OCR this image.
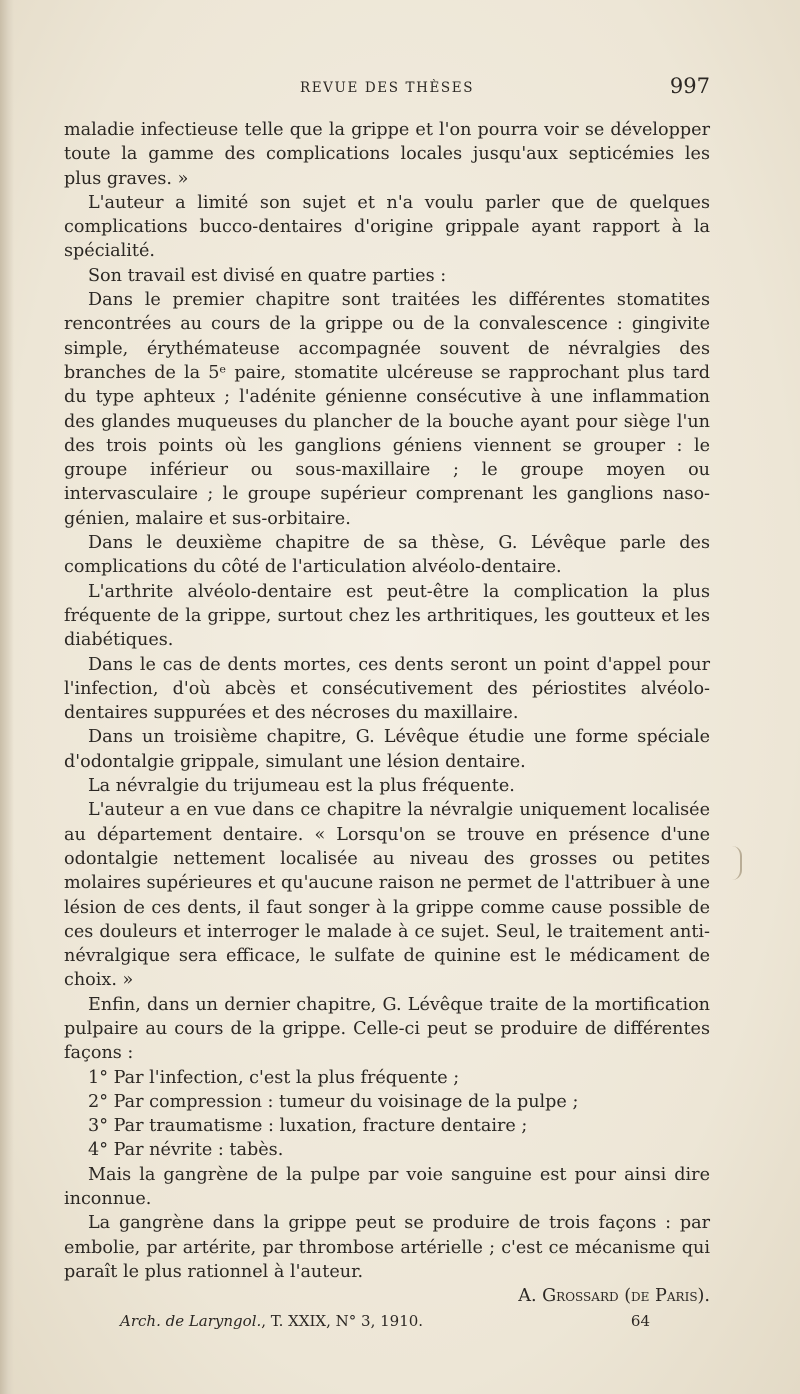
REVUE DES THÈSES	997

maladie infectieuse telle que la grippe et l'on pourra voir se développer toute la gamme des complications locales jusqu'aux septicémies les plus graves. »

L'auteur a limité son sujet et n'a voulu parler que de quelques complications bucco-dentaires d'origine grippale ayant rapport à la spécialité.

Son travail est divisé en quatre parties :

Dans le premier chapitre sont traitées les différentes stomatites rencontrées au cours de la grippe ou de la convalescence : gingivite simple, érythémateuse accompagnée souvent de névralgies des branches de la 5ᵉ paire, stomatite ulcéreuse se rapprochant plus tard du type aphteux ; l'adénite génienne consécutive à une inflammation des glandes muqueuses du plancher de la bouche ayant pour siège l'un des trois points où les ganglions géniens viennent se grouper : le groupe inférieur ou sous-maxillaire ; le groupe moyen ou intervasculaire ; le groupe supérieur comprenant les ganglions naso-génien, malaire et sus-orbitaire.

Dans le deuxième chapitre de sa thèse, G. Lévêque parle des complications du côté de l'articulation alvéolo-dentaire.

L'arthrite alvéolo-dentaire est peut-être la complication la plus fréquente de la grippe, surtout chez les arthritiques, les goutteux et les diabétiques.

Dans le cas de dents mortes, ces dents seront un point d'appel pour l'infection, d'où abcès et consécutivement des périostites alvéolo-dentaires suppurées et des nécroses du maxillaire.

Dans un troisième chapitre, G. Lévêque étudie une forme spéciale d'odontalgie grippale, simulant une lésion dentaire.

La névralgie du trijumeau est la plus fréquente.

L'auteur a en vue dans ce chapitre la névralgie uniquement localisée au département dentaire. « Lorsqu'on se trouve en présence d'une odontalgie nettement localisée au niveau des grosses ou petites molaires supérieures et qu'aucune raison ne permet de l'attribuer à une lésion de ces dents, il faut songer à la grippe comme cause possible de ces douleurs et interroger le malade à ce sujet. Seul, le traitement anti-névralgique sera efficace, le sulfate de quinine est le médicament de choix. »

Enfin, dans un dernier chapitre, G. Lévêque traite de la mortification pulpaire au cours de la grippe. Celle-ci peut se produire de différentes façons :

1° Par l'infection, c'est la plus fréquente ;

2° Par compression : tumeur du voisinage de la pulpe ;

3° Par traumatisme : luxation, fracture dentaire ;

4° Par névrite : tabès.

Mais la gangrène de la pulpe par voie sanguine est pour ainsi dire inconnue.

La gangrène dans la grippe peut se produire de trois façons : par embolie, par artérite, par thrombose artérielle ; c'est ce mécanisme qui paraît le plus rationnel à l'auteur.

A. Grossard (de Paris).

Arch. de Laryngol. , T. XXIX, N° 3, 1910.	64
